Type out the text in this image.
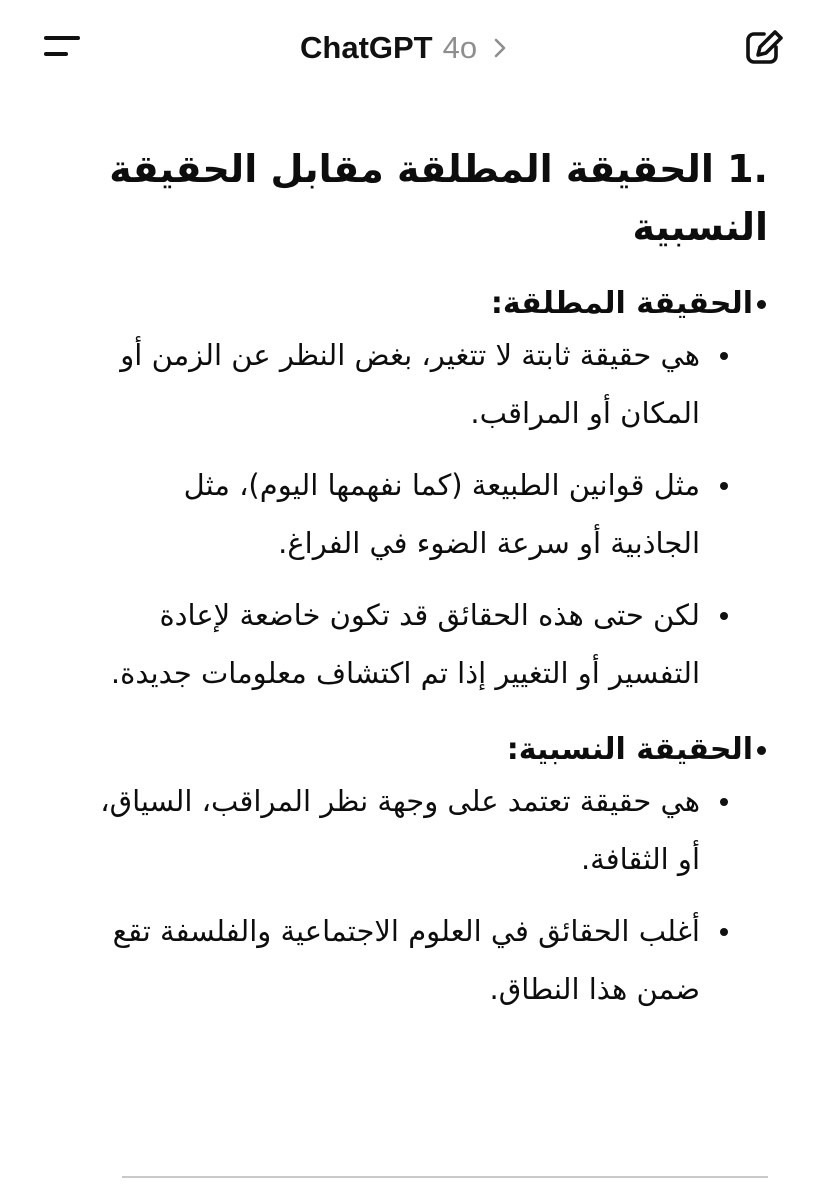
ChatGPT 4o
1. الحقيقة المطلقة مقابل الحقيقة النسبية
الحقيقة المطلقة:
هي حقيقة ثابتة لا تتغير، بغض النظر عن الزمن أو المكان أو المراقب.
مثل قوانين الطبيعة (كما نفهمها اليوم)، مثل الجاذبية أو سرعة الضوء في الفراغ.
لكن حتى هذه الحقائق قد تكون خاضعة لإعادة التفسير أو التغيير إذا تم اكتشاف معلومات جديدة.
الحقيقة النسبية:
هي حقيقة تعتمد على وجهة نظر المراقب، السياق، أو الثقافة.
أغلب الحقائق في العلوم الاجتماعية والفلسفة تقع ضمن هذا النطاق.
